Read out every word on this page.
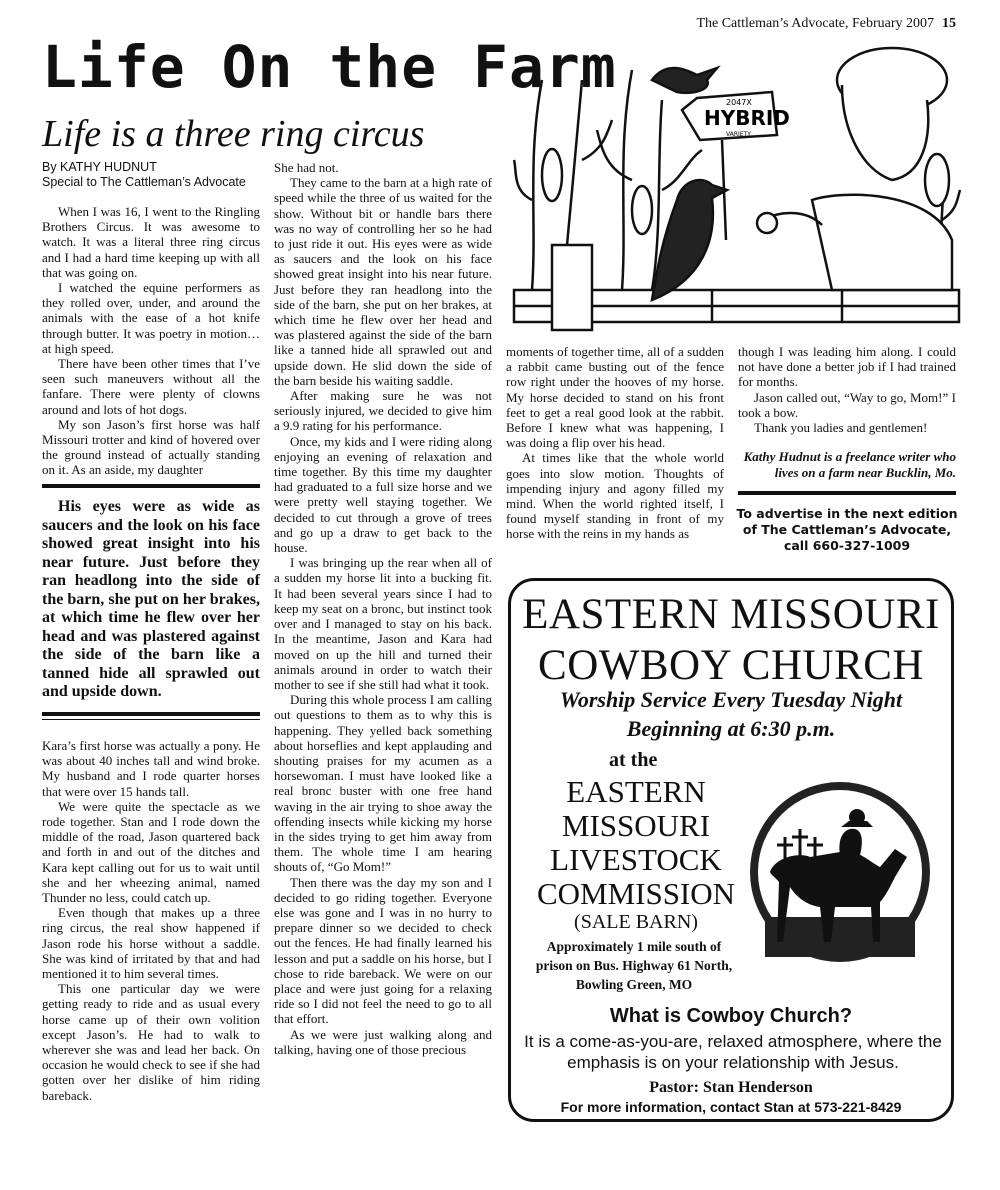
The Cattleman’s Advocate, February 2007 15
Life On the Farm
Life is a three ring circus
By KATHY HUDNUT
Special to The Cattleman’s Advocate

When I was 16, I went to the Ringling Brothers Circus. It was awesome to watch. It was a literal three ring circus and I had a hard time keeping up with all that was going on.

I watched the equine performers as they rolled over, under, and around the animals with the ease of a hot knife through butter. It was poetry in motion…at high speed.

There have been other times that I’ve seen such maneuvers without all the fanfare. There were plenty of clowns around and lots of hot dogs.

My son Jason’s first horse was half Missouri trotter and kind of hovered over the ground instead of actually standing on it. As an aside, my daughter

His eyes were as wide as saucers and the look on his face showed great insight into his near future. Just before they ran headlong into the side of the barn, she put on her brakes, at which time he flew over her head and was plastered against the side of the barn like a tanned hide all sprawled out and upside down.

Kara’s first horse was actually a pony. He was about 40 inches tall and wind broke. My husband and I rode quarter horses that were over 15 hands tall.

We were quite the spectacle as we rode together. Stan and I rode down the middle of the road, Jason quartered back and forth in and out of the ditches and Kara kept calling out for us to wait until she and her wheezing animal, named Thunder no less, could catch up.

Even though that makes up a three ring circus, the real show happened if Jason rode his horse without a saddle. She was kind of irritated by that and had mentioned it to him several times.

This one particular day we were getting ready to ride and as usual every horse came up of their own volition except Jason’s. He had to walk to wherever she was and lead her back. On occasion he would check to see if she had gotten over her dislike of him riding bareback.

She had not.

They came to the barn at a high rate of speed while the three of us waited for the show. Without bit or handle bars there was no way of controlling her so he had to just ride it out. His eyes were as wide as saucers and the look on his face showed great insight into his near future. Just before they ran headlong into the side of the barn, she put on her brakes, at which time he flew over her head and was plastered against the side of the barn like a tanned hide all sprawled out and upside down. He slid down the side of the barn beside his waiting saddle.

After making sure he was not seriously injured, we decided to give him a 9.9 rating for his performance.

Once, my kids and I were riding along enjoying an evening of relaxation and time together. By this time my daughter had graduated to a full size horse and we were pretty well staying together. We decided to cut through a grove of trees and go up a draw to get back to the house.

I was bringing up the rear when all of a sudden my horse lit into a bucking fit. It had been several years since I had to keep my seat on a bronc, but instinct took over and I managed to stay on his back. In the meantime, Jason and Kara had moved on up the hill and turned their animals around in order to watch their mother to see if she still had what it took.

During this whole process I am calling out questions to them as to why this is happening. They yelled back something about horseflies and kept applauding and shouting praises for my acumen as a horsewoman. I must have looked like a real bronc buster with one free hand waving in the air trying to shoe away the offending insects while kicking my horse in the sides trying to get him away from them. The whole time I am hearing shouts of, “Go Mom!”

Then there was the day my son and I decided to go riding together. Everyone else was gone and I was in no hurry to prepare dinner so we decided to check out the fences. He had finally learned his lesson and put a saddle on his horse, but I chose to ride bareback. We were on our place and were just going for a relaxing ride so I did not feel the need to go to all that effort.

As we were just walking along and talking, having one of those precious

2047X
HYBRID
VARIETY

moments of together time, all of a sudden a rabbit came busting out of the fence row right under the hooves of my horse. My horse decided to stand on his front feet to get a real good look at the rabbit. Before I knew what was happening, I was doing a flip over his head.

At times like that the whole world goes into slow motion. Thoughts of impending injury and agony filled my mind. When the world righted itself, I found myself standing in front of my horse with the reins in my hands as

though I was leading him along. I could not have done a better job if I had trained for months.

Jason called out, “Way to go, Mom!” I took a bow.

Thank you ladies and gentlemen!

Kathy Hudnut is a freelance writer who lives on a farm near Bucklin, Mo.
To advertise in the next edition of The Cattleman’s Advocate, call 660-327-1009
EASTERN MISSOURI
COWBOY CHURCH
Worship Service Every Tuesday Night
Beginning at 6:30 p.m.
at the
EASTERN
MISSOURI
LIVESTOCK
COMMISSION
(SALE BARN)
Approximately 1 mile south of
prison on Bus. Highway 61 North,
Bowling Green, MO
What is Cowboy Church?
It is a come-as-you-are, relaxed atmosphere, where the emphasis is on your relationship with Jesus.
Pastor: Stan Henderson
For more information, contact Stan at 573-221-8429
